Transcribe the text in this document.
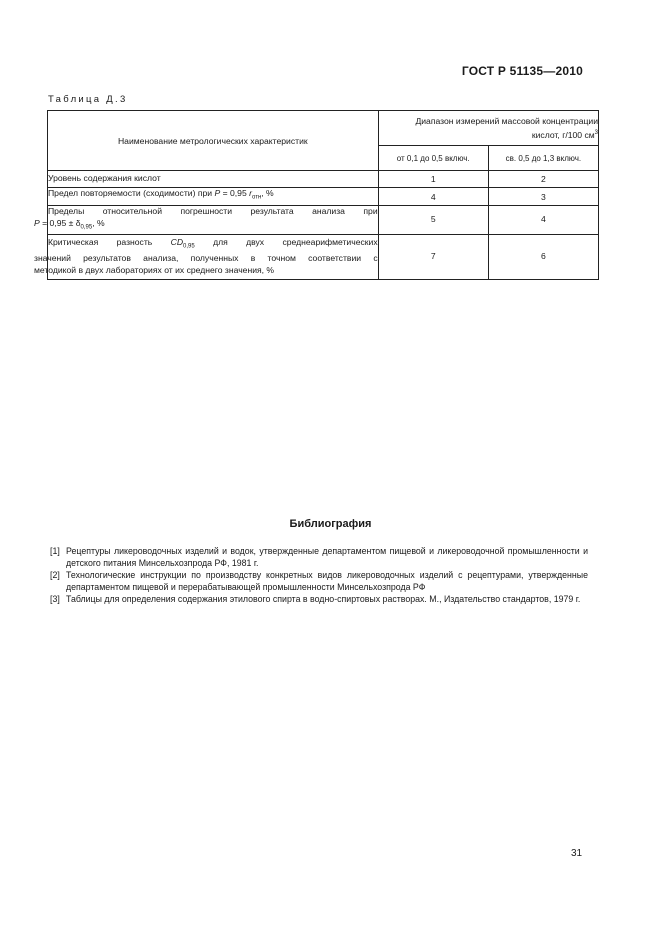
ГОСТ Р 51135—2010
Таблица Д.3
Наименование метрологических характеристик	Диапазон измерений массовой концентрации
кислот, г/100 $см^3$

	от 0,1 до 0,5 включ.	св. 0,5 до 1,3 включ.
Уровень содержания кислот	1	2
Предел повторяемости (сходимости) при P = 0,95 $r_{отн}$, %	4	3

Пределы относительной погрешности результата анализа при
$P = 0,95 \pm \delta_{0,95}$, %	5	4

Критическая разность $CD_{0,95}$ для двух среднеарифметических
значений результатов анализа, полученных в точном соответствии с
методикой в двух лабораториях от их среднего значения, %	7	6
Библиография
[1] Рецептуры ликероводочных изделий и водок, утвержденные департаментом пищевой и ликероводочной промышленности и детского питания Минсельхозпрода РФ, 1981 г.
[2] Технологические инструкции по производству конкретных видов ликероводочных изделий с рецептурами, утвержденные департаментом пищевой и перерабатывающей промышленности Минсельхозпрода РФ
[3] Таблицы для определения содержания этилового спирта в водно-спиртовых растворах. М., Издательство стандартов, 1979 г.
31
